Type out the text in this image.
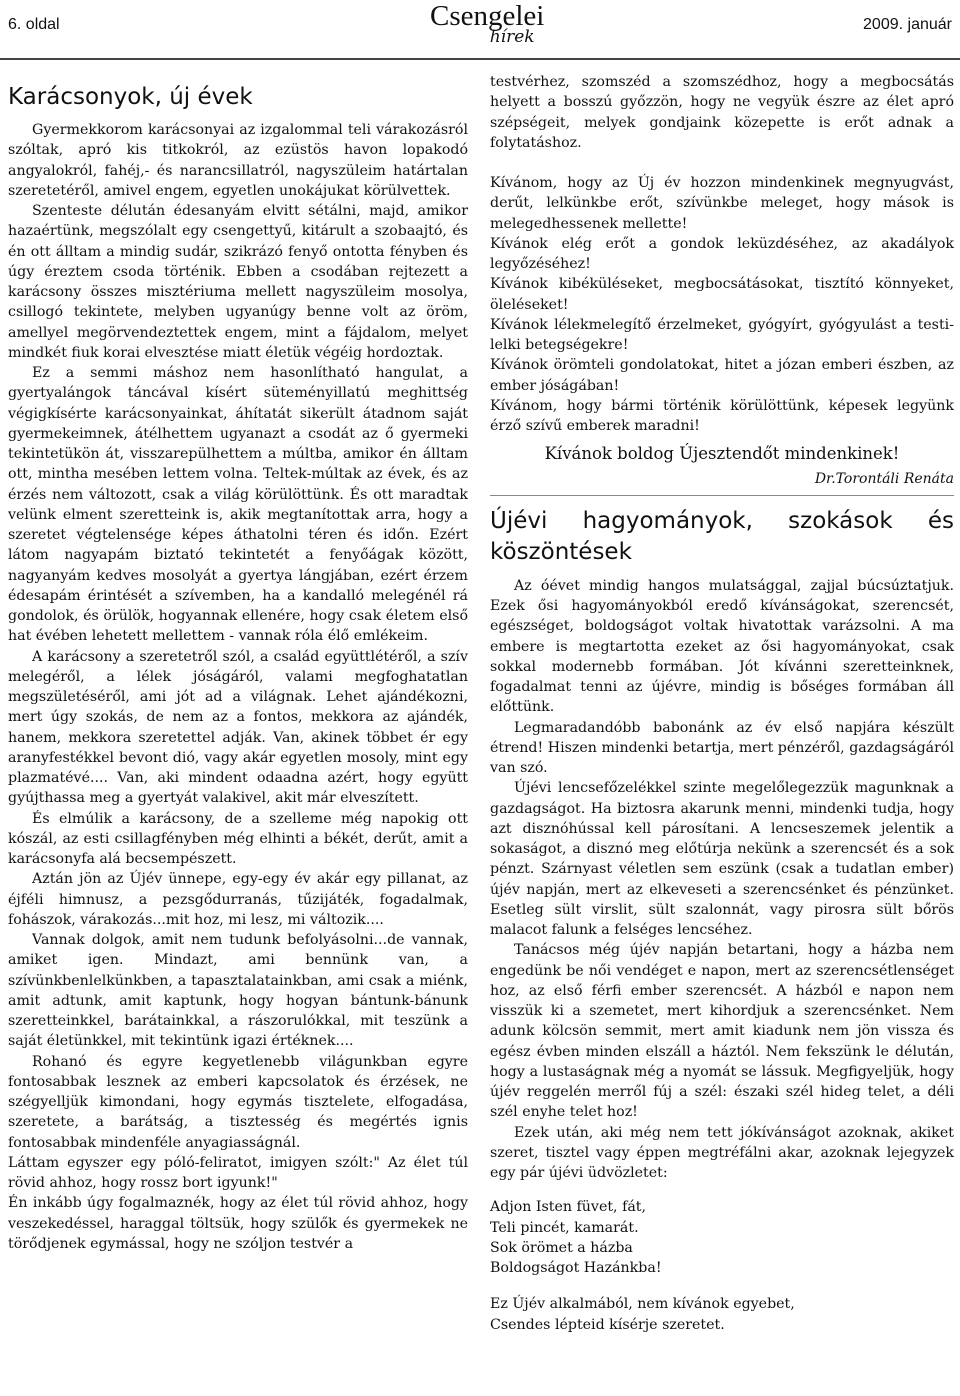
6. oldal	Csengelei
hírek
2009. január
Karácsonyok, új évek

Gyermekkorom karácsonyai az izgalommal teli várakozásról szóltak, apró kis titkokról, az ezüstös havon lopakodó angyalokról, fahéj,- és narancsillatról, nagyszüleim határtalan szeretetéről, amivel engem, egyetlen unokájukat körülvettek.

Szenteste délután édesanyám elvitt sétálni, majd, amikor hazaértünk, megszólalt egy csengettyű, kitárult a szobaajtó, és én ott álltam a mindig sudár, szikrázó fenyő ontotta fényben és úgy éreztem csoda történik. Ebben a csodában rejtezett a karácsony összes misztériuma mellett nagyszüleim mosolya, csillogó tekintete, melyben ugyanúgy benne volt az öröm, amellyel megörvendeztettek engem, mint a fájdalom, melyet mindkét fiuk korai elvesztése miatt életük végéig hordoztak.

Ez a semmi máshoz nem hasonlítható hangulat, a gyertyalángok táncával kísért süteményillatú meghittség végigkísérte karácsonyainkat, áhítatát sikerült átadnom saját gyermekeimnek, átélhettem ugyanazt a csodát az ő gyermeki tekintetükön át, visszarepülhettem a múltba, amikor én álltam ott, mintha mesében lettem volna. Teltek-múltak az évek, és az érzés nem változott, csak a világ körülöttünk. És ott maradtak velünk elment szeretteink is, akik megtanítottak arra, hogy a szeretet végtelensége képes áthatolni téren és időn. Ezért látom nagyapám biztató tekintetét a fenyőágak között, nagyanyám kedves mosolyát a gyertya lángjában, ezért érzem édesapám érintését a szívemben, ha a kandalló melegénél rá gondolok, és örülök, hogyannak ellenére, hogy csak életem első hat évében lehetett mellettem - vannak róla élő emlékeim.

A karácsony a szeretetről szól, a család együttlétéről, a szív melegéről, a lélek jóságáról, valami megfoghatatlan megszületéséről, ami jót ad a világnak. Lehet ajándékozni, mert úgy szokás, de nem az a fontos, mekkora az ajándék, hanem, mekkora szeretettel adják. Van, akinek többet ér egy aranyfestékkel bevont dió, vagy akár egyetlen mosoly, mint egy plazmatévé.... Van, aki mindent odaadna azért, hogy együtt gyújthassa meg a gyertyát valakivel, akit már elveszített.

És elmúlik a karácsony, de a szelleme még napokig ott kószál, az esti csillagfényben még elhinti a békét, derűt, amit a karácsonyfa alá becsempészett.

Aztán jön az Újév ünnepe, egy-egy év akár egy pillanat, az éjféli himnusz, a pezsgődurranás, tűzijáték, fogadalmak, fohászok, várakozás...mit hoz, mi lesz, mi változik....

Vannak dolgok, amit nem tudunk befolyásolni...de vannak, amiket igen. Mindazt, ami bennünk van, a szívünkbenlelkünkben, a tapasztalatainkban, ami csak a miénk, amit adtunk, amit kaptunk, hogy hogyan bántunk-bánunk szeretteinkkel, barátainkkal, a rászorulókkal, mit teszünk a saját életünkkel, mit tekintünk igazi értéknek....

Rohanó és egyre kegyetlenebb világunkban egyre fontosabbak lesznek az emberi kapcsolatok és érzések, ne szégyelljük kimondani, hogy egymás tisztelete, elfogadása, szeretete, a barátság, a tisztesség és megértés ignis fontosabbak mindenféle anyagiasságnál.

Láttam egyszer egy póló-feliratot, imigyen szólt:" Az élet túl rövid ahhoz, hogy rossz bort igyunk!"

Én inkább úgy fogalmaznék, hogy az élet túl rövid ahhoz, hogy veszekedéssel, haraggal töltsük, hogy szülők és gyermekek ne törődjenek egymással, hogy ne szóljon testvér a

testvérhez, szomszéd a szomszédhoz, hogy a megbocsátás helyett a bosszú győzzön, hogy ne vegyük észre az élet apró szépségeit, melyek gondjaink közepette is erőt adnak a folytatáshoz.

Kívánom, hogy az Új év hozzon mindenkinek megnyugvást, derűt, lelkünkbe erőt, szívünkbe meleget, hogy mások is melegedhessenek mellette!

Kívánok elég erőt a gondok leküzdéséhez, az akadályok legyőzéséhez!

Kívánok kibéküléseket, megbocsátásokat, tisztító könnyeket, öleléseket!

Kívánok lélekmelegítő érzelmeket, gyógyírt, gyógyulást a testi-lelki betegségekre!

Kívánok örömteli gondolatokat, hitet a józan emberi észben, az ember jóságában!

Kívánom, hogy bármi történik körülöttünk, képesek legyünk érző szívű emberek maradni!

Kívánok boldog Újesztendőt mindenkinek!
Dr.Torontáli Renáta
Újévi hagyományok, szokások és köszöntések

Az óévet mindig hangos mulatsággal, zajjal búcsúztatjuk. Ezek ősi hagyományokból eredő kívánságokat, szerencsét, egészséget, boldogságot voltak hivatottak varázsolni. A ma embere is megtartotta ezeket az ősi hagyományokat, csak sokkal modernebb formában. Jót kívánni szeretteinknek, fogadalmat tenni az újévre, mindig is bőséges formában áll előttünk.

Legmaradandóbb babonánk az év első napjára készült étrend! Hiszen mindenki betartja, mert pénzéről, gazdagságáról van szó.

Újévi lencsefőzelékkel szinte megelőlegezzük magunknak a gazdagságot. Ha biztosra akarunk menni, mindenki tudja, hogy azt disznóhússal kell párosítani. A lencseszemek jelentik a sokaságot, a disznó meg előtúrja nekünk a szerencsét és a sok pénzt. Szárnyast véletlen sem eszünk (csak a tudatlan ember) újév napján, mert az elkeveseti a szerencsénket és pénzünket. Esetleg sült virslit, sült szalonnát, vagy pirosra sült bőrös malacot falunk a felséges lencséhez.

Tanácsos még újév napján betartani, hogy a házba nem engedünk be női vendéget e napon, mert az szerencsétlenséget hoz, az első férfi ember szerencsét. A házból e napon nem visszük ki a szemetet, mert kihordjuk a szerencsénket. Nem adunk kölcsön semmit, mert amit kiadunk nem jön vissza és egész évben minden elszáll a háztól. Nem fekszünk le délután, hogy a lustaságnak még a nyomát se lássuk. Megfigyeljük, hogy újév reggelén merről fúj a szél: északi szél hideg telet, a déli szél enyhe telet hoz!

Ezek után, aki még nem tett jókívánságot azoknak, akiket szeret, tisztel vagy éppen megtréfálni akar, azoknak lejegyzek egy pár újévi üdvözletet:

Adjon Isten füvet, fát,

Teli pincét, kamarát.

Sok örömet a házba

Boldogságot Hazánkba!

Ez Újév alkalmából, nem kívánok egyebet,

Csendes lépteid kísérje szeretet.
